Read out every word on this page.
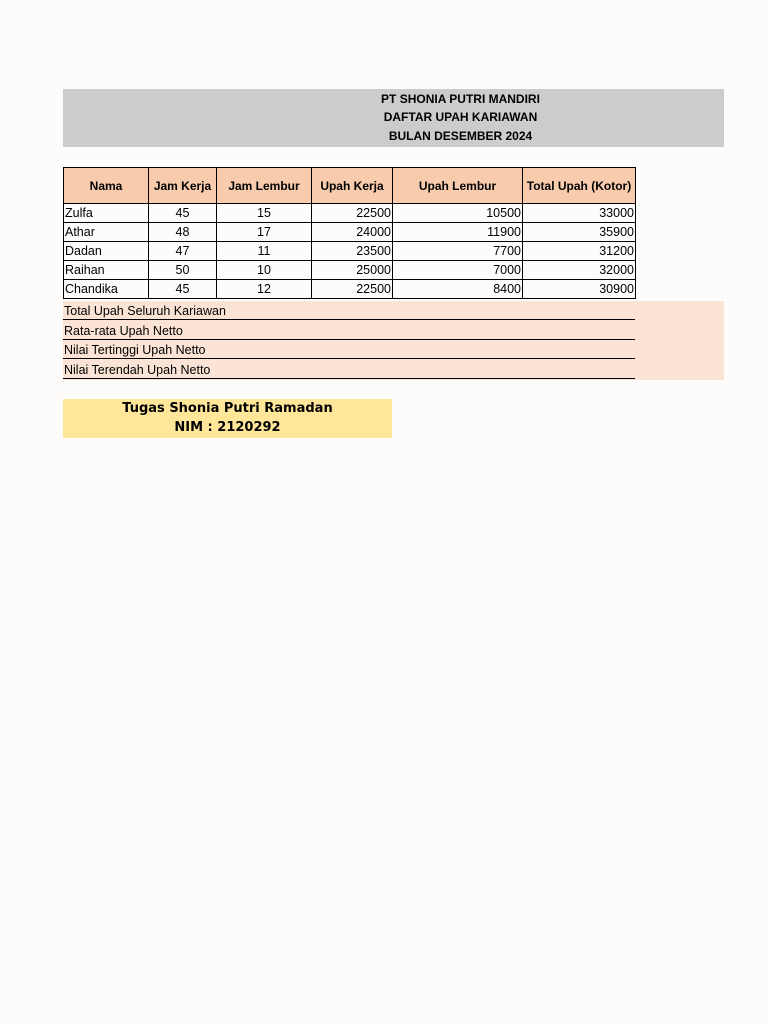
PT SHONIA PUTRI MANDIRI
DAFTAR UPAH KARIAWAN
BULAN DESEMBER 2024
Nama	Jam Kerja	Jam Lembur	Upah Kerja	Upah Lembur	Total Upah (Kotor)
Zulfa	45	15	22500	10500	33000
Athar	48	17	24000	11900	35900
Dadan	47	11	23500	7700	31200
Raihan	50	10	25000	7000	32000
Chandika	45	12	22500	8400	30900
Total Upah Seluruh Kariawan
Rata-rata Upah Netto
Nilai Tertinggi Upah Netto
Nilai Terendah Upah Netto
Tugas Shonia Putri Ramadan
NIM : 2120292
